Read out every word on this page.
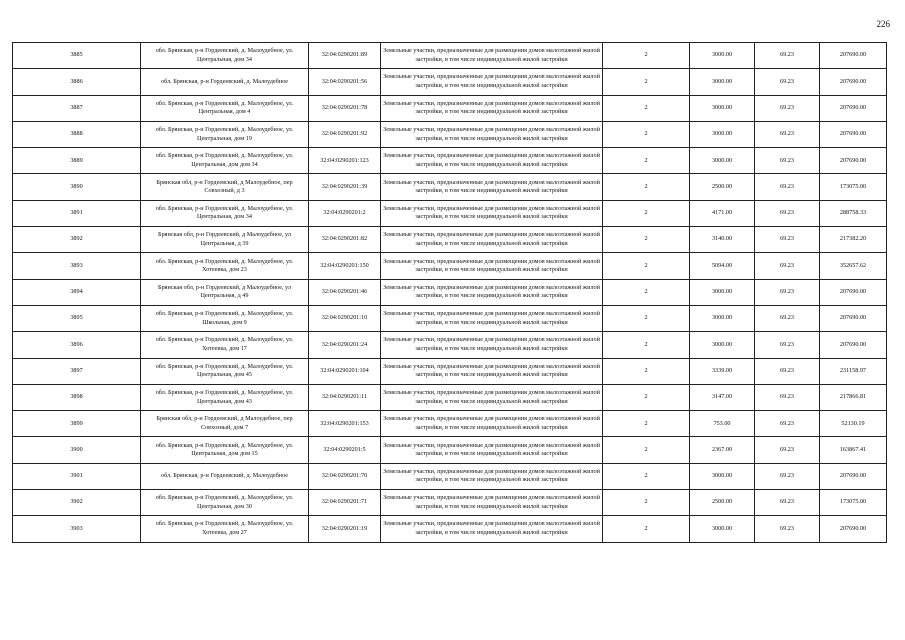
226
3885	обл. Брянская, р-н Гордеевский, д. Малоудебное, ул. Центральная, дом 34	32:04:0290201:89	Земельные участки, предназначенные для размещения домов малоэтажной жилой застройки, в том числе индивидуальной жилой застройки	2	3000.00	69.23	207690.00
3886	обл. Брянская, р-н Гордеевский, д. Малоудебное	32:04:0290201:56	Земельные участки, предназначенные для размещения домов малоэтажной жилой застройки, в том числе индивидуальной жилой застройки	2	3000.00	69.23	207690.00
3887	обл. Брянская, р-н Гордеевский, д. Малоудебное, ул. Центральная, дом 4	32:04:0290201:78	Земельные участки, предназначенные для размещения домов малоэтажной жилой застройки, в том числе индивидуальной жилой застройки	2	3000.00	69.23	207690.00
3888	обл. Брянская, р-н Гордеевский, д. Малоудебное, ул. Центральная, дом 19	32:04:0290201:92	Земельные участки, предназначенные для размещения домов малоэтажной жилой застройки, в том числе индивидуальной жилой застройки	2	3000.00	69.23	207690.00
3889	обл. Брянская, р-н Гордеевский, д. Малоудебное, ул. Центральная, дом дом 34	32:04:0290201:123	Земельные участки, предназначенные для размещения домов малоэтажной жилой застройки, в том числе индивидуальной жилой застройки	2	3000.00	69.23	207690.00
3890	Брянская обл, р-н Гордеевский, д Малоудебное, пер Совхозный, д 3	32:04:0290201:39	Земельные участки, предназначенные для размещения домов малоэтажной жилой застройки, в том числе индивидуальной жилой застройки	2	2500.00	69.23	173075.00
3891	обл. Брянская, р-н Гордеевский, д. Малоудебное, ул. Центральная, дом 34	32:04:0290201:2	Земельные участки, предназначенные для размещения домов малоэтажной жилой застройки, в том числе индивидуальной жилой застройки	2	4171.00	69.23	288758.33
3892	Брянская обл, р-н Гордеевский, д Малоудебное, ул Центральная, д 39	32:04:0290201:82	Земельные участки, предназначенные для размещения домов малоэтажной жилой застройки, в том числе индивидуальной жилой застройки	2	3140.00	69.23	217382.20
3893	обл. Брянская, р-н Гордеевский, д. Малоудебное, ул. Хотеевка, дом 23	32:04:0290201:150	Земельные участки, предназначенные для размещения домов малоэтажной жилой застройки, в том числе индивидуальной жилой застройки	2	5094.00	69.23	352657.62
3894	Брянская обл, р-н Гордеевский, д Малоудебное, ул Центральная, д 49	32:04:0290201:46	Земельные участки, предназначенные для размещения домов малоэтажной жилой застройки, в том числе индивидуальной жилой застройки	2	3000.00	69.23	207690.00
3895	обл. Брянская, р-н Гордеевский, д. Малоудебное, ул. Школьная, дом 9	32:04:0290201:10	Земельные участки, предназначенные для размещения домов малоэтажной жилой застройки, в том числе индивидуальной жилой застройки	2	3000.00	69.23	207690.00
3896	обл. Брянская, р-н Гордеевский, д. Малоудебное, ул. Хотеевка, дом 17	32:04:0290201:24	Земельные участки, предназначенные для размещения домов малоэтажной жилой застройки, в том числе индивидуальной жилой застройки	2	3000.00	69.23	207690.00
3897	обл. Брянская, р-н Гордеевский, д. Малоудебное, ул. Центральная, дом 45	32:04:0290201:104	Земельные участки, предназначенные для размещения домов малоэтажной жилой застройки, в том числе индивидуальной жилой застройки	2	3339.00	69.23	231158.97
3898	обл. Брянская, р-н Гордеевский, д. Малоудебное, ул. Центральная, дом 43	32:04:0290201:11	Земельные участки, предназначенные для размещения домов малоэтажной жилой застройки, в том числе индивидуальной жилой застройки	2	3147.00	69.23	217866.81
3899	Брянская обл, р-н Гордеевский, д Малоудебное, пер Совхозный, дом 7	32:04:0290201:153	Земельные участки, предназначенные для размещения домов малоэтажной жилой застройки, в том числе индивидуальной жилой застройки	2	753.00	69.23	52130.19
3900	обл. Брянская, р-н Гордеевский, д. Малоудебное, ул. Центральная, дом дом 15	32:04:0290201:5	Земельные участки, предназначенные для размещения домов малоэтажной жилой застройки, в том числе индивидуальной жилой застройки	2	2367.00	69.23	163867.41
3901	обл. Брянская, р-н Гордеевский, д. Малоудебное	32:04:0290201:70	Земельные участки, предназначенные для размещения домов малоэтажной жилой застройки, в том числе индивидуальной жилой застройки	2	3000.00	69.23	207690.00
3902	обл. Брянская, р-н Гордеевский, д. Малоудебное, ул. Центральная, дом 30	32:04:0290201:71	Земельные участки, предназначенные для размещения домов малоэтажной жилой застройки, в том числе индивидуальной жилой застройки	2	2500.00	69.23	173075.00
3903	обл. Брянская, р-н Гордеевский, д. Малоудебное, ул. Хотеевка, дом 27	32:04:0290201:19	Земельные участки, предназначенные для размещения домов малоэтажной жилой застройки, в том числе индивидуальной жилой застройки	2	3000.00	69.23	207690.00
